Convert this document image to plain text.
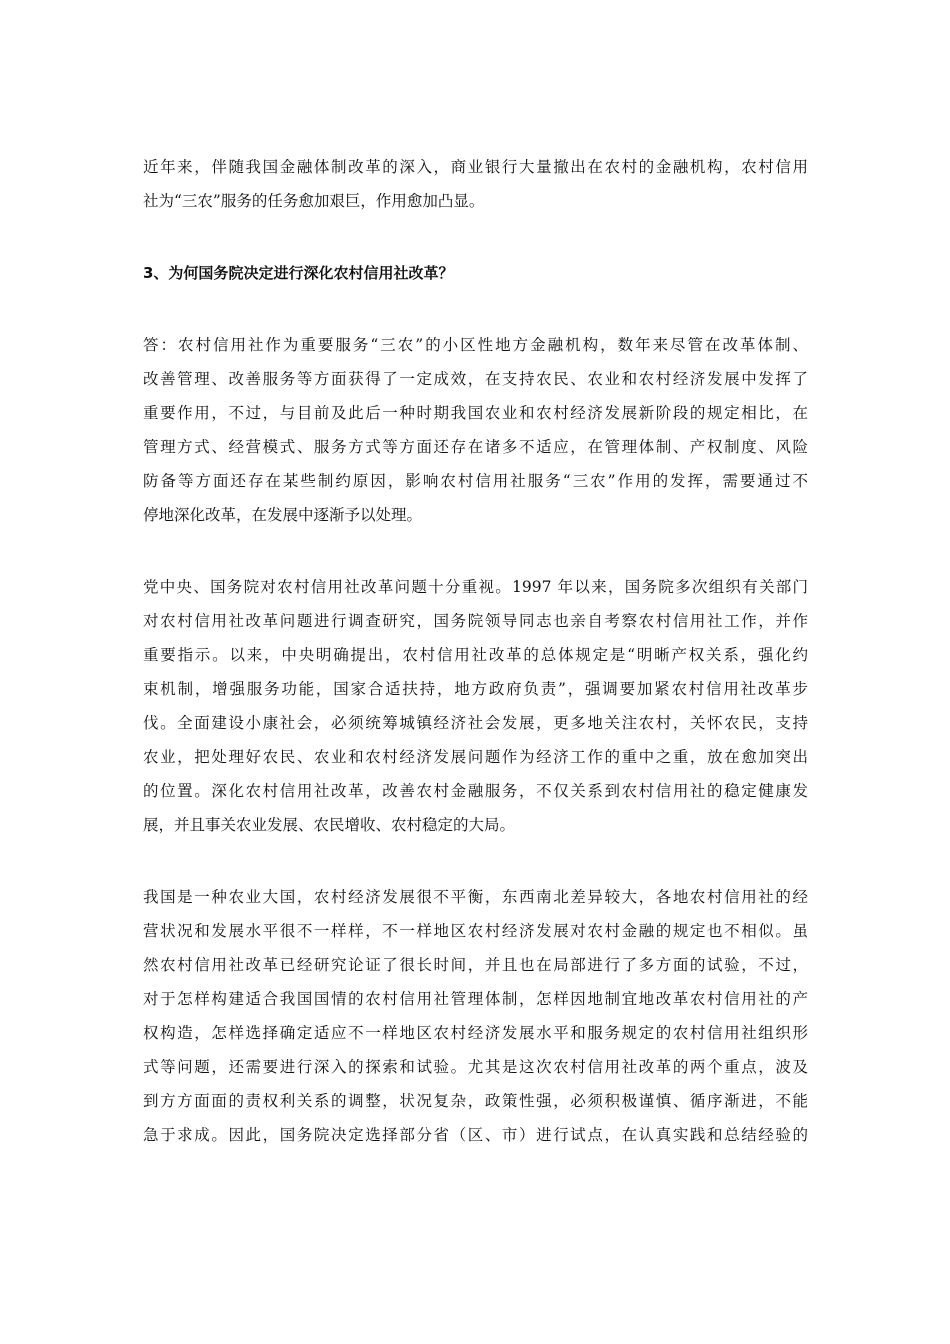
近年来，伴随我国金融体制改革的深入，商业银行大量撤出在农村的金融机构，农村信用
社为“三农”服务的任务愈加艰巨，作用愈加凸显。

3、为何国务院决定进行深化农村信用社改革？

答：农村信用社作为重要服务“三农”的小区性地方金融机构，数年来尽管在改革体制、
改善管理、改善服务等方面获得了一定成效，在支持农民、农业和农村经济发展中发挥了
重要作用，不过，与目前及此后一种时期我国农业和农村经济发展新阶段的规定相比，在
管理方式、经营模式、服务方式等方面还存在诸多不适应，在管理体制、产权制度、风险
防备等方面还存在某些制约原因，影响农村信用社服务“三农”作用的发挥，需要通过不
停地深化改革，在发展中逐渐予以处理。

党中央、国务院对农村信用社改革问题十分重视。1997 年以来，国务院多次组织有关部门
对农村信用社改革问题进行调查研究，国务院领导同志也亲自考察农村信用社工作，并作
重要指示。以来，中央明确提出，农村信用社改革的总体规定是“明晰产权关系，强化约
束机制，增强服务功能，国家合适扶持，地方政府负责”，强调要加紧农村信用社改革步
伐。全面建设小康社会，必须统筹城镇经济社会发展，更多地关注农村，关怀农民，支持
农业，把处理好农民、农业和农村经济发展问题作为经济工作的重中之重，放在愈加突出
的位置。深化农村信用社改革，改善农村金融服务，不仅关系到农村信用社的稳定健康发
展，并且事关农业发展、农民增收、农村稳定的大局。

我国是一种农业大国，农村经济发展很不平衡，东西南北差异较大，各地农村信用社的经
营状况和发展水平很不一样样，不一样地区农村经济发展对农村金融的规定也不相似。虽
然农村信用社改革已经研究论证了很长时间，并且也在局部进行了多方面的试验，不过，
对于怎样构建适合我国国情的农村信用社管理体制，怎样因地制宜地改革农村信用社的产
权构造，怎样选择确定适应不一样地区农村经济发展水平和服务规定的农村信用社组织形
式等问题，还需要进行深入的探索和试验。尤其是这次农村信用社改革的两个重点，波及
到方方面面的责权利关系的调整，状况复杂，政策性强，必须积极谨慎、循序渐进，不能
急于求成。因此，国务院决定选择部分省（区、市）进行试点，在认真实践和总结经验的
